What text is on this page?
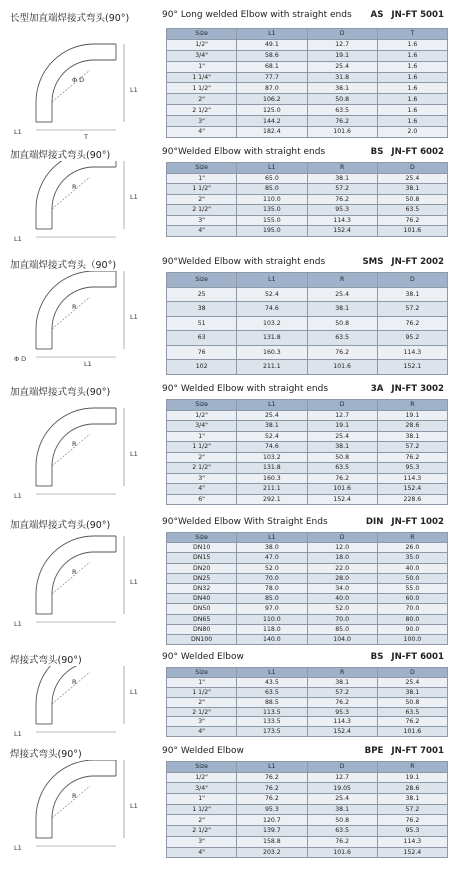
长型加直端焊接式弯头(90°)	90° Long welded Elbow with straight ends AS JN-FT 5001
Φ D
L1
L1
T
Size	L1	D	T
1/2"	49.1	12.7	1.6
3/4"	58.6	19.1	1.6
1"	68.1	25.4	1.6
1 1/4"	77.7	31.8	1.6
1 1/2"	87.0	38.1	1.6
2"	106.2	50.8	1.6
2 1/2"	125.0	63.5	1.6
3"	144.2	76.2	1.6
4"	182.4	101.6	2.0
加直端焊接式弯头(90°)	90°Welded Elbow with straight ends	BS JN-FT 6002
R
L1
L1
Size	L1	R	D
1"	65.0	38.1	25.4
1 1/2"	85.0	57.2	38.1
2"	110.0	76.2	50.8
2 1/2"	135.0	95.3	63.5
3"	155.0	114.3	76.2
4"	195.0	152.4	101.6
加直端焊接式弯头（90°)	90°Welded Elbow with straight ends	SMS JN-FT 2002
R
L1
Φ D
L1
Size	L1	R	D
25	52.4	25.4	38.1
38	74.6	38.1	57.2
51	103.2	50.8	76.2
63	131.8	63.5	95.2
76	160.3	76.2	114.3
102	211.1	101.6	152.1
加直端焊接式弯头(90°)	90° Welded Elbow with straight ends	3A JN-FT 3002
R
L1
L1
Size	L1	D	R
1/2"	25.4	12.7	19.1
3/4"	38.1	19.1	28.6
1"	52.4	25.4	38.1
1 1/2"	74.6	38.1	57.2
2"	103.2	50.8	76.2
2 1/2"	131.8	63.5	95.3
3"	160.3	76.2	114.3
4"	211.1	101.6	152.4
6"	292.1	152.4	228.6
加直端焊接式弯头(90°)	90°Welded Elbow With Straight Ends	DIN JN-FT 1002
R
L1
L1
Size	L1	D	R
DN10	38.0	12.0	26.0
DN15	47.0	18.0	35.0
DN20	52.0	22.0	40.0
DN25	70.0	28.0	50.0
DN32	78.0	34.0	55.0
DN40	85.0	40.0	60.0
DN50	97.0	52.0	70.0
DN65	110.0	70.0	80.0
DN80	118.0	85.0	90.0
DN100	140.0	104.0	100.0
焊接式弯头(90°)	90° Welded Elbow	BS JN-FT 6001
R
L1
L1
Size	L1	R	D
1"	43.5	38.1	25.4
1 1/2"	63.5	57.2	38.1
2"	88.5	76.2	50.8
2 1/2"	113.5	95.3	63.5
3"	133.5	114.3	76.2
4"	173.5	152.4	101.6
焊接式弯头(90°)	90° Welded Elbow	BPE JN-FT 7001
R
L1
L1
Size	L1	D	R
1/2"	76.2	12.7	19.1
3/4"	76.2	19.05	28.6
1"	76.2	25.4	38.1
1 1/2"	95.3	38.1	57.2
2"	120.7	50.8	76.2
2 1/2"	139.7	63.5	95.3
3"	158.8	76.2	114.3
4"	203.2	101.6	152.4
